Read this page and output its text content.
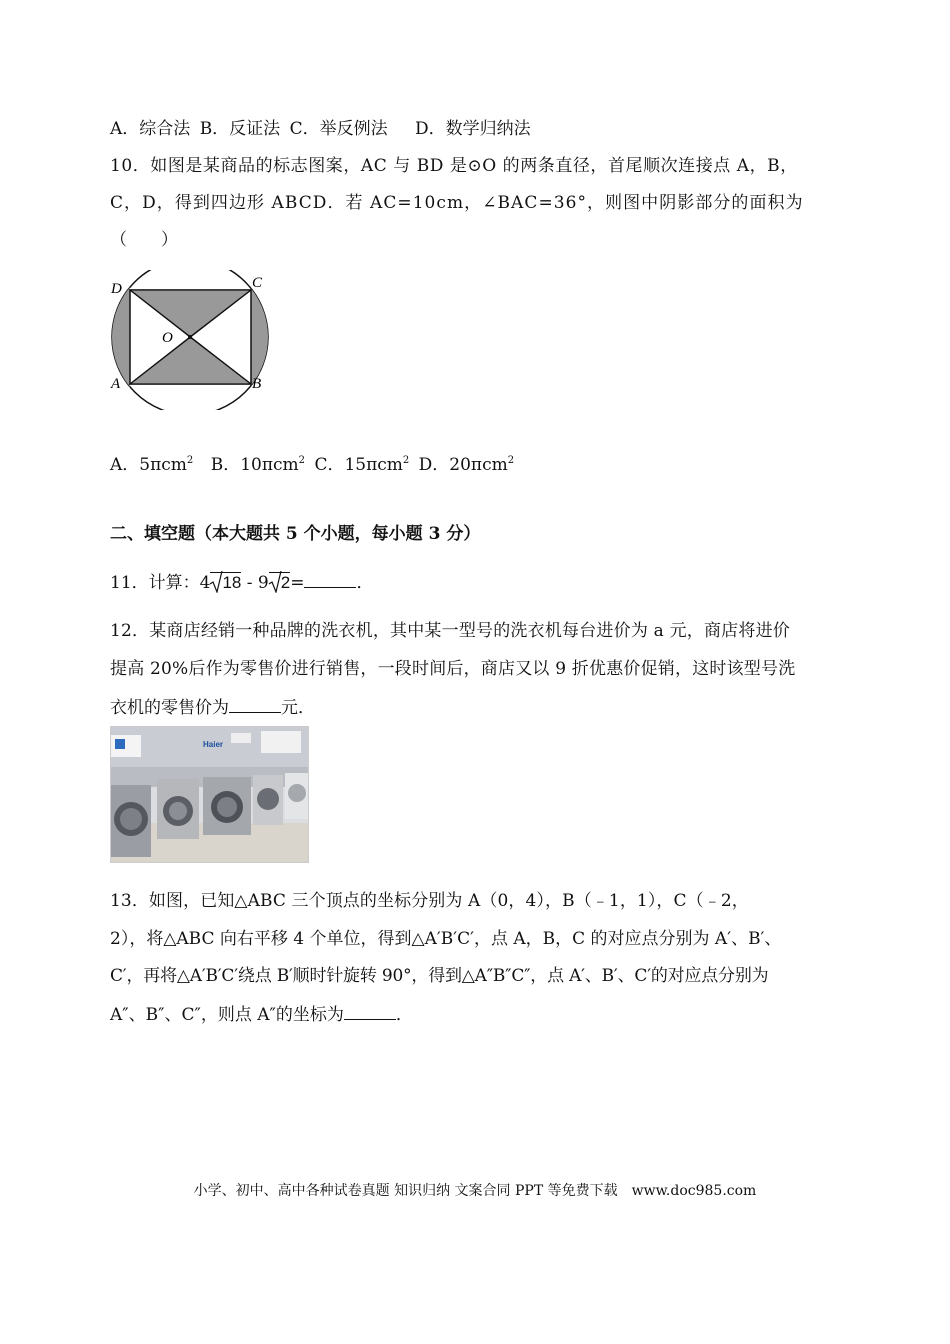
A．综合法 B．反证法 C．举反例法 D．数学归纳法
10．如图是某商品的标志图案，AC 与 BD 是⊙O 的两条直径，首尾顺次连接点 A，B，
C，D，得到四边形 ABCD．若 AC=10cm，∠BAC=36°，则图中阴影部分的面积为
（　　）
D	C
O
A	B
A．5πcm$^2$ B．10πcm$^2$ C．15πcm$^2$ D．20πcm$^2$
二、填空题（本大题共 5 个小题，每小题 3 分）
11．计算：4 18 - 9 2=	．
12．某商店经销一种品牌的洗衣机，其中某一型号的洗衣机每台进价为 a 元，商店将进价
提高 20%后作为零售价进行销售，一段时间后，商店又以 9 折优惠价促销，这时该型号洗
衣机的零售价为	元．
Haier
13．如图，已知△ABC 三个顶点的坐标分别为 A（0，4），B（﹣1，1），C（﹣2，
2），将△ABC 向右平移 4 个单位，得到△A′B′C′，点 A，B，C 的对应点分别为 A′、B′、
C′，再将△A′B′C′绕点 B′顺时针旋转 90°，得到△A″B″C″，点 A′、B′、C′的对应点分别为
A″、B″、C″，则点 A″的坐标为	．
小学、初中、高中各种试卷真题 知识归纳 文案合同 PPT 等免费下载　www.doc985.com
